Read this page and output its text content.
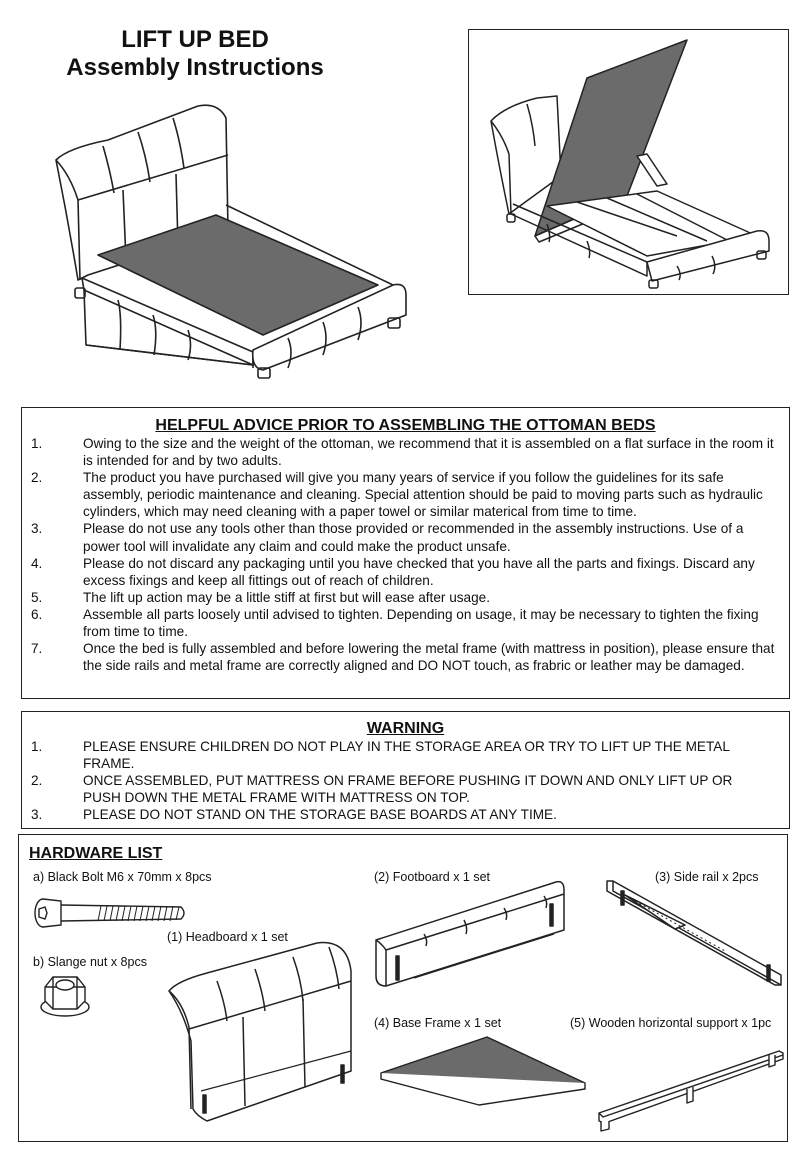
LIFT UP BED
Assembly Instructions
HELPFUL ADVICE PRIOR TO ASSEMBLING THE OTTOMAN BEDS
1.	Owing to the size and the weight of the ottoman, we recommend that it is assembled on a flat surface in the room it is intended for and by two adults.
2.	The product you have purchased will give you many years of service if you follow the guidelines for its safe assembly, periodic maintenance and cleaning. Special attention should be paid to moving parts such as hydraulic cylinders, which may need cleaning with a paper towel or similar materical from time to time.
3.	Please do not use any tools other than those provided or recommended in the assembly instructions. Use of a power tool will invalidate any claim and could make the product unsafe.
4.	Please do not discard any packaging until you have checked that you have all the parts and fixings. Discard any excess fixings and keep all fittings out of reach of children.
5.	The lift up action may be a little stiff at first but will ease after usage.
6.	Assemble all parts loosely until advised to tighten. Depending on usage, it may be necessary to tighten the fixing from time to time.
7.	Once the bed is fully assembled and before lowering the metal frame (with mattress in position), please ensure that the side rails and metal frame are correctly aligned and DO NOT touch, as frabric or leather may be damaged.
WARNING
1.	PLEASE ENSURE CHILDREN DO NOT PLAY IN THE STORAGE AREA OR TRY TO LIFT UP THE METAL FRAME.
2.	ONCE ASSEMBLED, PUT MATTRESS ON FRAME BEFORE PUSHING IT DOWN AND ONLY LIFT UP OR PUSH DOWN THE METAL FRAME WITH MATTRESS ON TOP.
3.	PLEASE DO NOT STAND ON THE STORAGE BASE BOARDS AT ANY TIME.
HARDWARE LIST
a) Black Bolt M6 x 70mm x 8pcs
b) Slange nut x 8pcs
(1) Headboard x 1 set
(2) Footboard x 1 set	(3) Side rail x 2pcs
(4) Base Frame x 1 set	(5) Wooden horizontal support x 1pc
